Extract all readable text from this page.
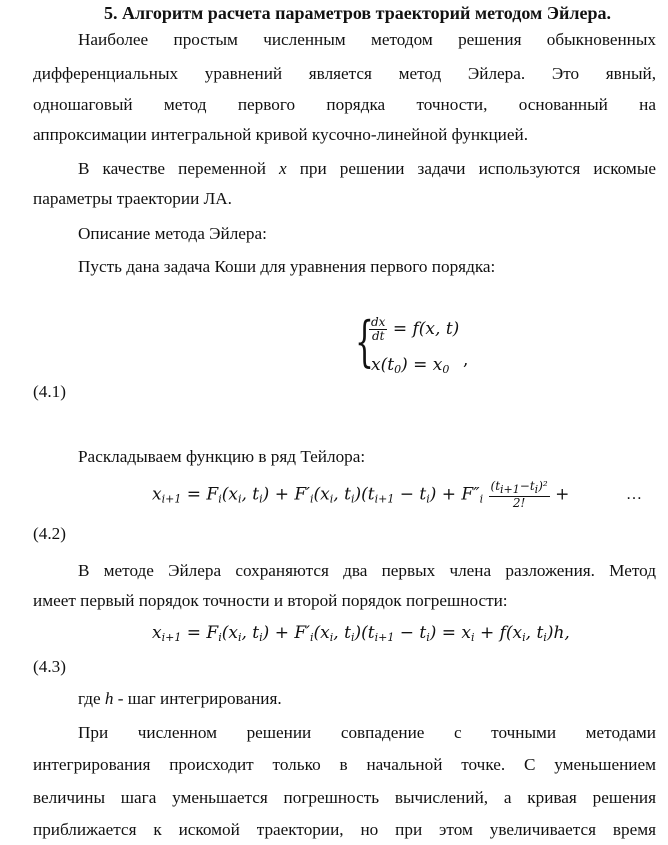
5. Алгоритм расчета параметров траекторий методом Эйлера.
Наиболее простым численным методом решения обыкновенных
дифференциальных уравнений является метод Эйлера. Это явный,
одношаговый метод первого порядка точности, основанный на
аппроксимации интегральной кривой кусочно-линейной функцией.
В качестве переменной x при решении задачи используются искомые
параметры траектории ЛА.
Описание метода Эйлера:
Пусть дана задача Коши для уравнения первого порядка:
{
$\frac{dx}{dt} = f(x$, t)
$x(t_0) = x_0$ ,
(4.1)
Раскладываем функцию в ряд Тейлора:
$x_{i+1} = F_i(x_i$, $t_i) + F'_i(x_i$, $t_i)(t_{i+1} - t_i) + F''_i \frac{(t_{i+1}-t_i)^2}{2!}$ +	…
(4.2)
В методе Эйлера сохраняются два первых члена разложения. Метод
имеет первый порядок точности и второй порядок погрешности:
$x_{i+1} = F_i(x_i$, $t_i) + F'_i(x_i$, $t_i)(t_{i+1} - t_i) = x_i + f(x_i$, $t_i)h$,
(4.3)
где h - шаг интегрирования.
При численном решении совпадение с точными методами
интегрирования происходит только в начальной точке. С уменьшением
величины шага уменьшается погрешность вычислений, а кривая решения
приближается к искомой траектории, но при этом увеличивается время
